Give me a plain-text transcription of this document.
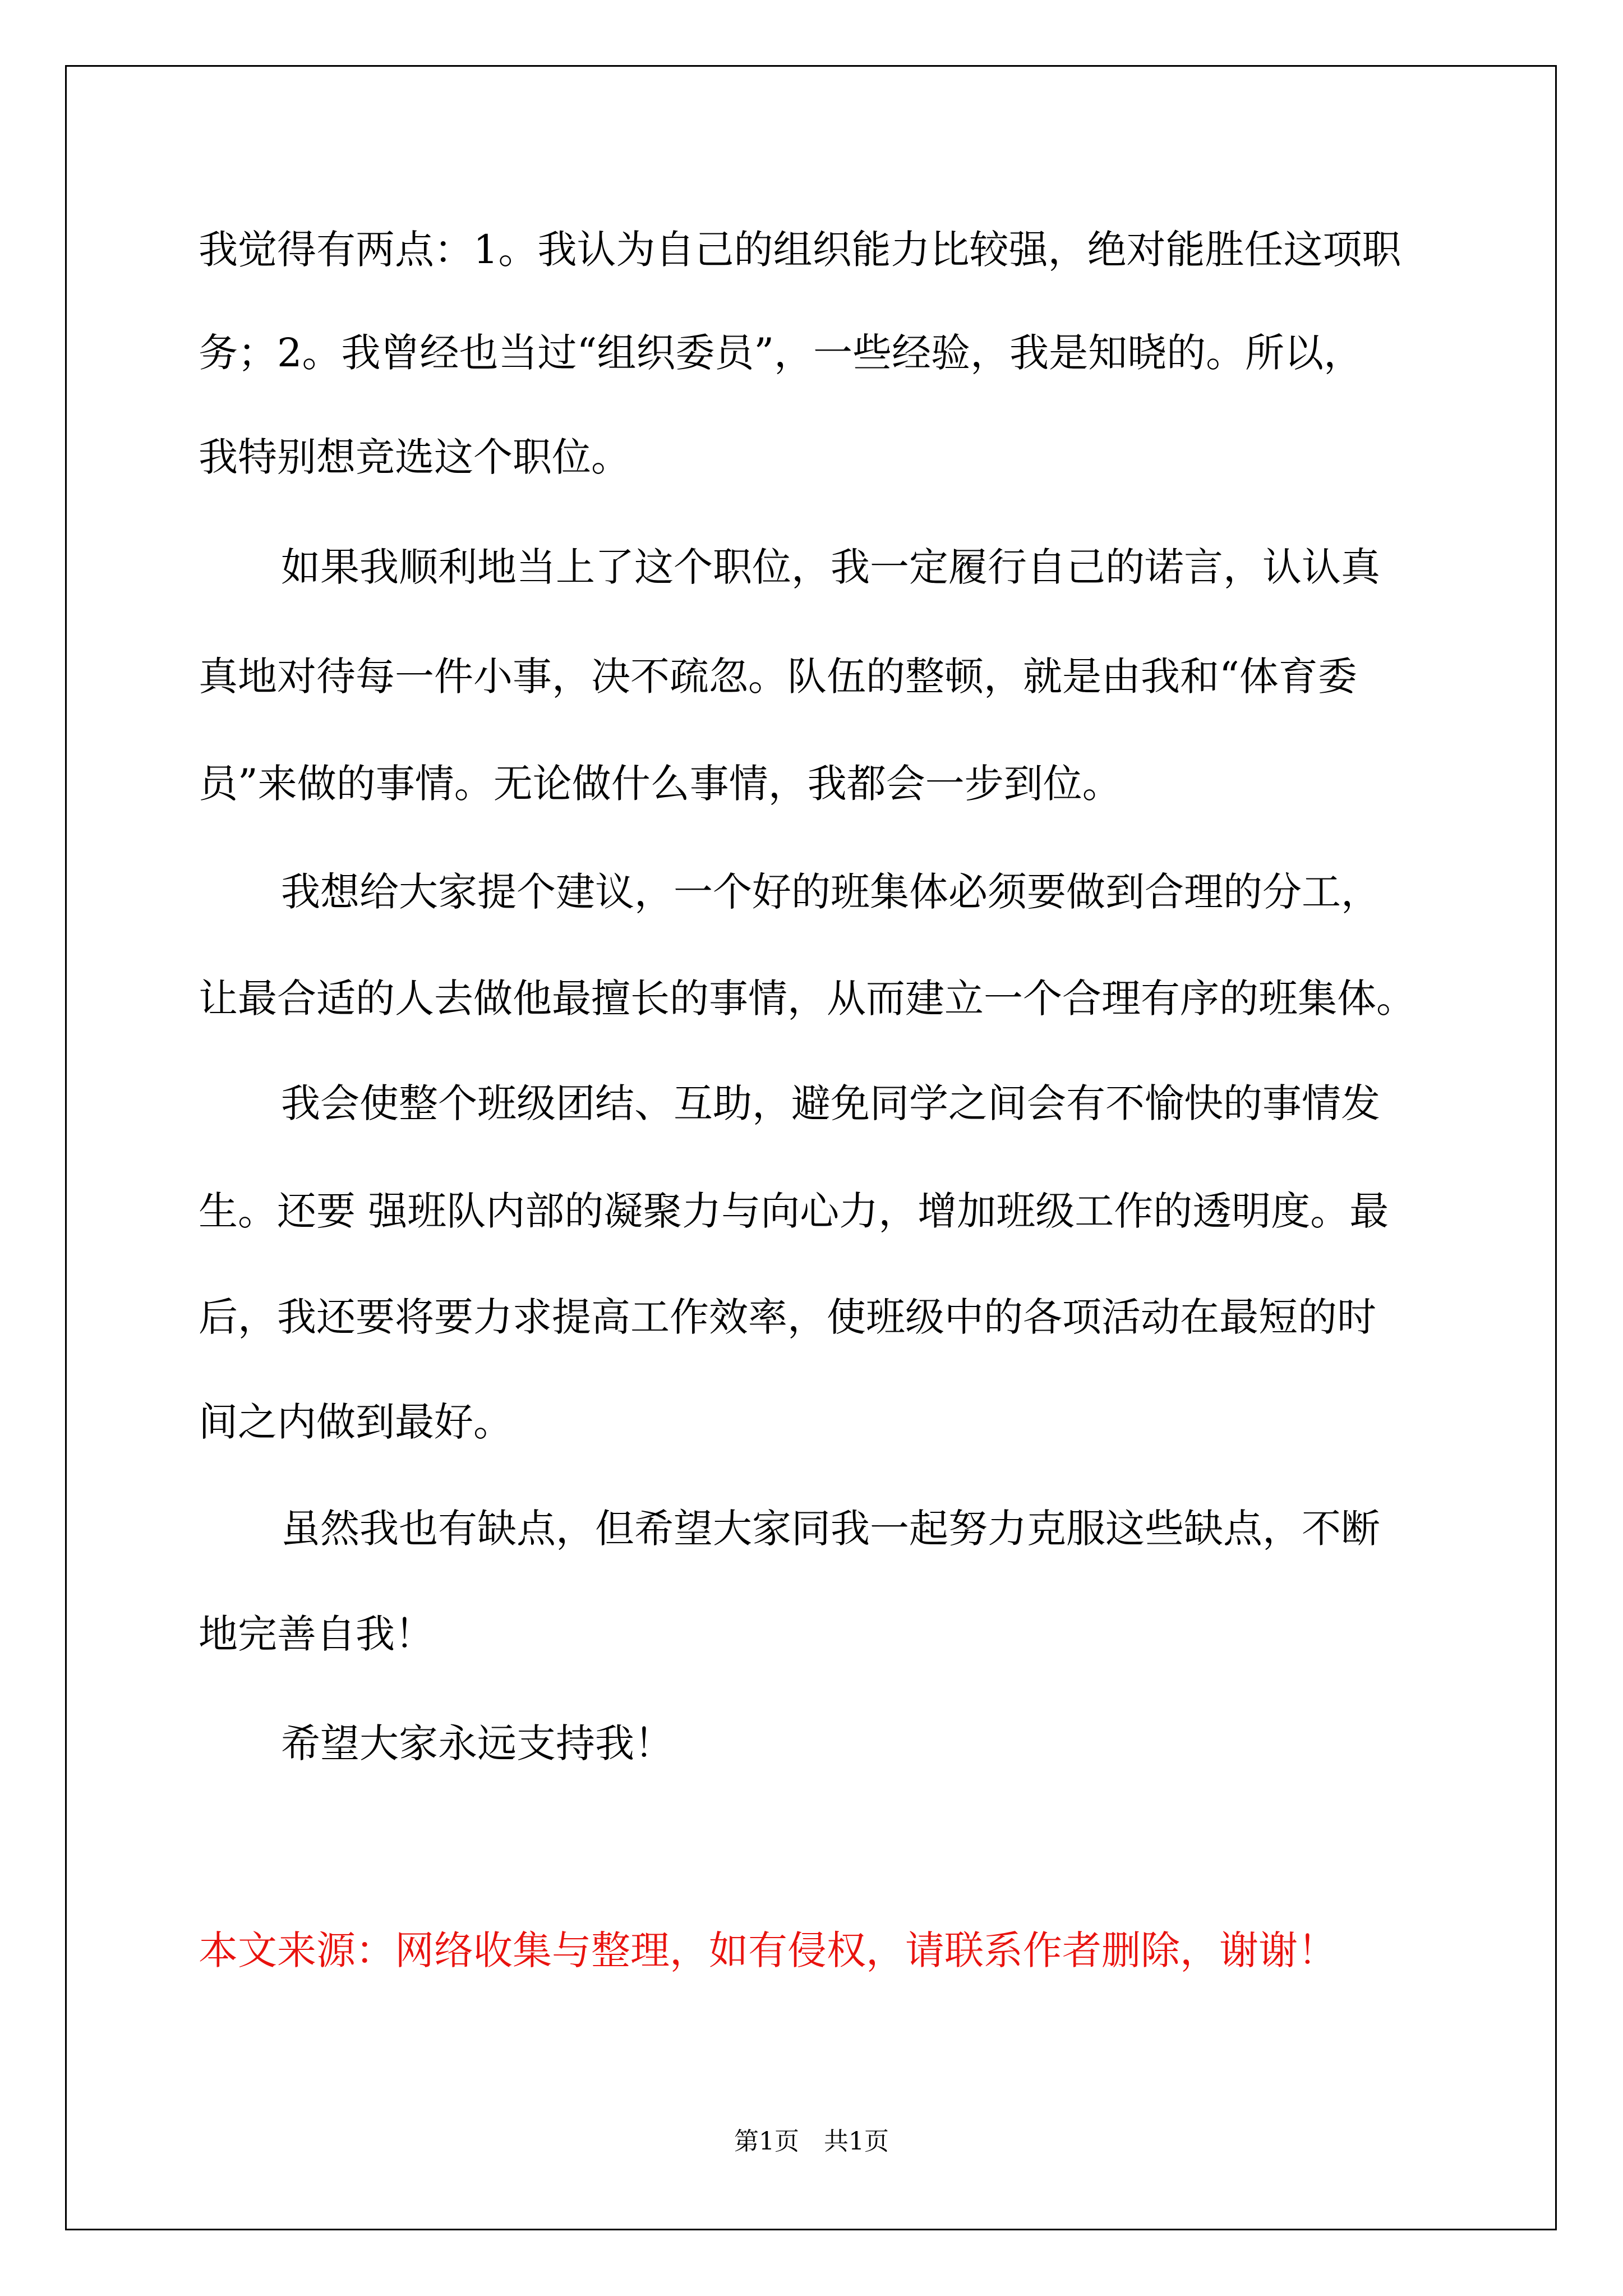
我觉得有两点：1。我认为自己的组织能力比较强，绝对能胜任这项职
务；2。我曾经也当过“组织委员”，一些经验，我是知晓的。所以，
我特别想竞选这个职位。
如果我顺利地当上了这个职位，我一定履行自己的诺言，认认真
真地对待每一件小事，决不疏忽。队伍的整顿，就是由我和“体育委
员”来做的事情。无论做什么事情，我都会一步到位。
我想给大家提个建议，一个好的班集体必须要做到合理的分工，
让最合适的人去做他最擅长的事情，从而建立一个合理有序的班集体。
我会使整个班级团结、互助，避免同学之间会有不愉快的事情发
生。还要 强班队内部的凝聚力与向心力，增加班级工作的透明度。最
后，我还要将要力求提高工作效率，使班级中的各项活动在最短的时
间之内做到最好。
虽然我也有缺点，但希望大家同我一起努力克服这些缺点，不断
地完善自我！
希望大家永远支持我！
本文来源：网络收集与整理，如有侵权，请联系作者删除，谢谢！
第1页　共1页
